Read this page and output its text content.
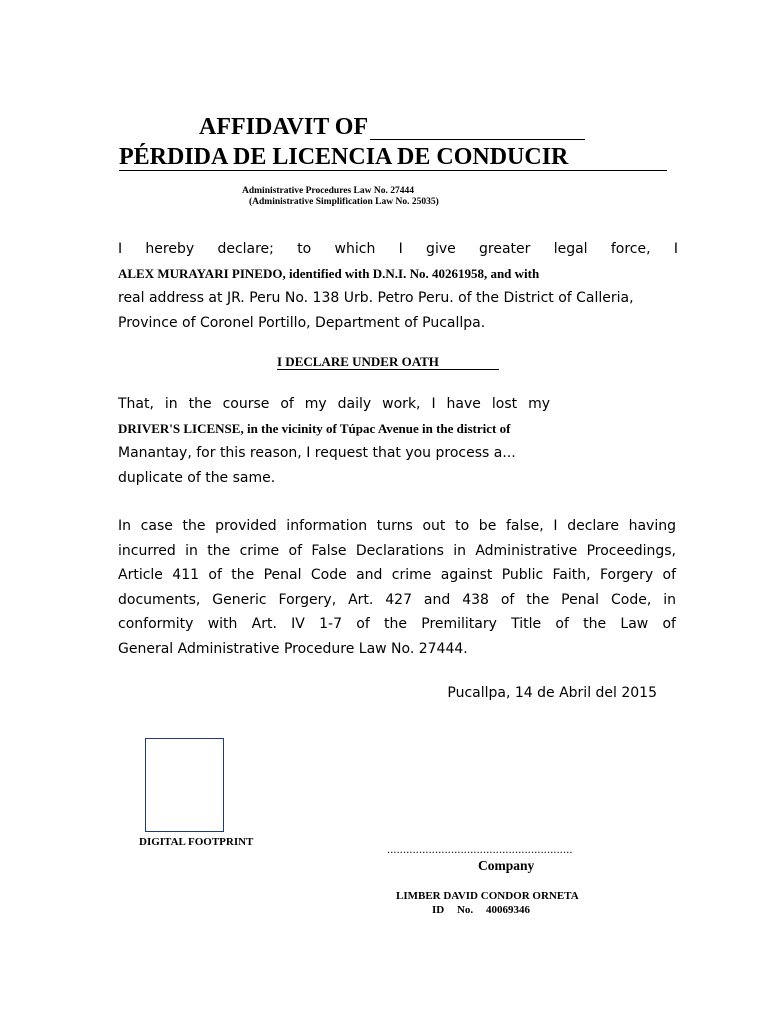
AFFIDAVIT OF
PÉRDIDA DE LICENCIA DE CONDUCIR
Administrative Procedures Law No. 27444
(Administrative Simplification Law No. 25035)
I hereby declare; to which I give greater legal force, I
ALEX MURAYARI PINEDO, identified with D.N.I. No. 40261958, and with
real address at JR. Peru No. 138 Urb. Petro Peru. of the District of Calleria,
Province of Coronel Portillo, Department of Pucallpa.
I DECLARE UNDER OATH
That, in the course of my daily work, I have lost my
DRIVER'S LICENSE, in the vicinity of Túpac Avenue in the district of
Manantay, for this reason, I request that you process a...
duplicate of the same.
In case the provided information turns out to be false, I declare having
incurred in the crime of False Declarations in Administrative Proceedings,
Article 411 of the Penal Code and crime against Public Faith, Forgery of
documents, Generic Forgery, Art. 427 and 438 of the Penal Code, in
conformity with Art. IV 1-7 of the Premilitary Title of the Law of
General Administrative Procedure Law No. 27444.
Pucallpa, 14 de Abril del 2015
DIGITAL FOOTPRINT	..........................................................
Company
LIMBER DAVID CONDOR ORNETA
ID No. 40069346
